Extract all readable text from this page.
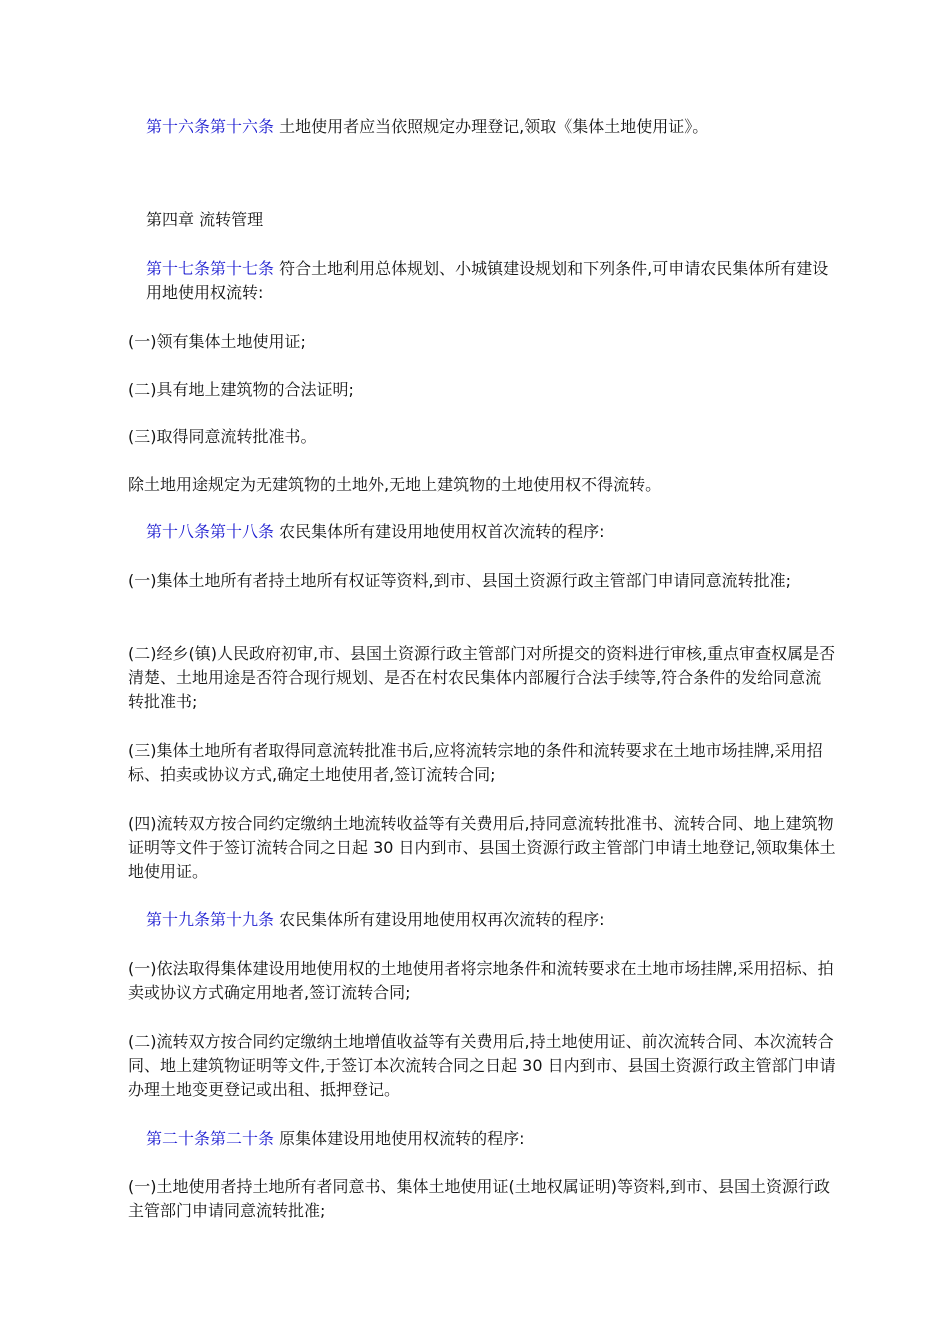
第十六条第十六条 土地使用者应当依照规定办理登记,领取《集体土地使用证》。

第四章 流转管理

第十七条第十七条 符合土地利用总体规划、小城镇建设规划和下列条件,可申请农民集体所有建设用地使用权流转:

(一)领有集体土地使用证;

(二)具有地上建筑物的合法证明;

(三)取得同意流转批准书。

除土地用途规定为无建筑物的土地外,无地上建筑物的土地使用权不得流转。

第十八条第十八条 农民集体所有建设用地使用权首次流转的程序:

(一)集体土地所有者持土地所有权证等资料,到市、县国土资源行政主管部门申请同意流转批准;

(二)经乡(镇)人民政府初审,市、县国土资源行政主管部门对所提交的资料进行审核,重点审查权属是否清楚、土地用途是否符合现行规划、是否在村农民集体内部履行合法手续等,符合条件的发给同意流转批准书;

(三)集体土地所有者取得同意流转批准书后,应将流转宗地的条件和流转要求在土地市场挂牌,采用招标、拍卖或协议方式,确定土地使用者,签订流转合同;

(四)流转双方按合同约定缴纳土地流转收益等有关费用后,持同意流转批准书、流转合同、地上建筑物证明等文件于签订流转合同之日起 30 日内到市、县国土资源行政主管部门申请土地登记,领取集体土地使用证。

第十九条第十九条 农民集体所有建设用地使用权再次流转的程序:

(一)依法取得集体建设用地使用权的土地使用者将宗地条件和流转要求在土地市场挂牌,采用招标、拍卖或协议方式确定用地者,签订流转合同;

(二)流转双方按合同约定缴纳土地增值收益等有关费用后,持土地使用证、前次流转合同、本次流转合同、地上建筑物证明等文件,于签订本次流转合同之日起 30 日内到市、县国土资源行政主管部门申请办理土地变更登记或出租、抵押登记。

第二十条第二十条 原集体建设用地使用权流转的程序:

(一)土地使用者持土地所有者同意书、集体土地使用证(土地权属证明)等资料,到市、县国土资源行政主管部门申请同意流转批准;
